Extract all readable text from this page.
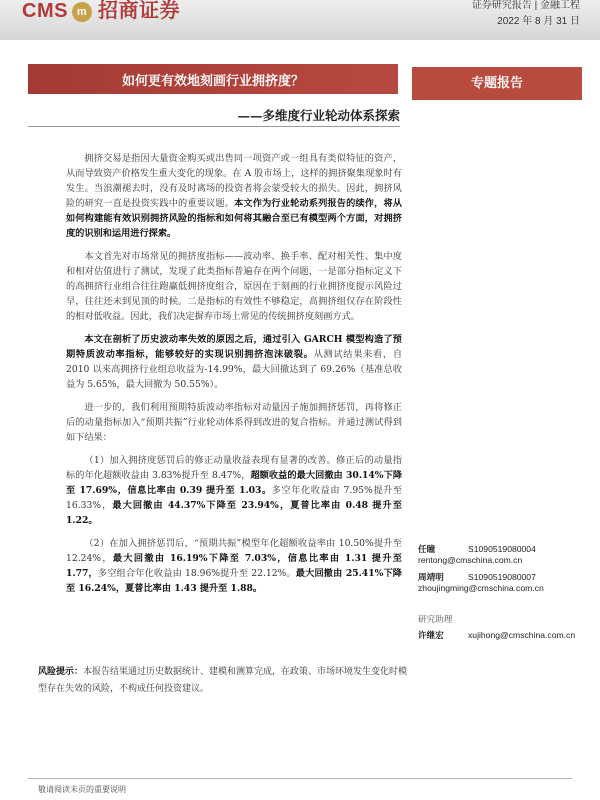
CMS m 招商证券	证券研究报告 | 金融工程
2022 年 8 月 31 日
如何更有效地刻画行业拥挤度？	专题报告
——多维度行业轮动体系探索

拥挤交易是指因大量资金购买或出售同一项资产或一组具有类似特征的资产，从而导致资产价格发生重大变化的现象。在 A 股市场上，这样的拥挤聚集现象时有发生。当浪潮褪去时，没有及时离场的投资者将会蒙受较大的损失。因此，拥挤风险的研究一直是投资实践中的重要议题。本文作为行业轮动系列报告的续作，将从如何构建能有效识别拥挤风险的指标和如何将其融合至已有模型两个方面，对拥挤度的识别和运用进行探索。

本文首先对市场常见的拥挤度指标——波动率、换手率、配对相关性、集中度和相对估值进行了测试，发现了此类指标普遍存在两个问题，一是部分指标定义下的高拥挤行业组合往往跑赢低拥挤度组合，原因在于刻画的行业拥挤度提示风险过早，往往还未到见顶的时候。二是指标的有效性不够稳定，高拥挤组仅存在阶段性的相对低收益。因此，我们决定摒弃市场上常见的传统拥挤度刻画方式。

本文在剖析了历史波动率失效的原因之后，通过引入 GARCH 模型构造了预期特质波动率指标，能够较好的实现识别拥挤泡沫破裂。从测试结果来看，自 2010 以来高拥挤行业组总收益为-14.99%，最大回撤达到了 69.26%（基准总收益为 5.65%，最大回撤为 50.55%）。

进一步的，我们利用预期特质波动率指标对动量因子施加拥挤惩罚，再将修正后的动量指标加入“预期共振”行业轮动体系得到改进的复合指标。并通过测试得到如下结果：

（1）加入拥挤度惩罚后的修正动量收益表现有显著的改善。修正后的动量指标的年化超额收益由 3.83%提升至 8.47%，超额收益的最大回撤由 30.14%下降至 17.69%，信息比率由 0.39 提升至 1.03。多空年化收益由 7.95%提升至 16.33%，最大回撤由 44.37%下降至 23.94%，夏普比率由 0.48 提升至 1.22。

（2）在加入拥挤惩罚后，“预期共振”模型年化超额收益率由 10.50%提升至 12.24%，最大回撤由 16.19%下降至 7.03%，信息比率由 1.31 提升至 1.77，多空组合年化收益由 18.96%提升至 22.12%。最大回撤由 25.41%下降至 16.24%，夏普比率由 1.43 提升至 1.88。

任瞳	S1090519080004
rentong@cmschina.com.cn
周靖明	S1090519080007
zhoujingming@cmschina.com.cn
研究助理
许继宏	xujihong@cmschina.com.cn
风险提示：本报告结果通过历史数据统计、建模和测算完成，在政策、市场环境发生变化时模型存在失效的风险，不构成任何投资建议。
敬请阅读末页的重要说明
